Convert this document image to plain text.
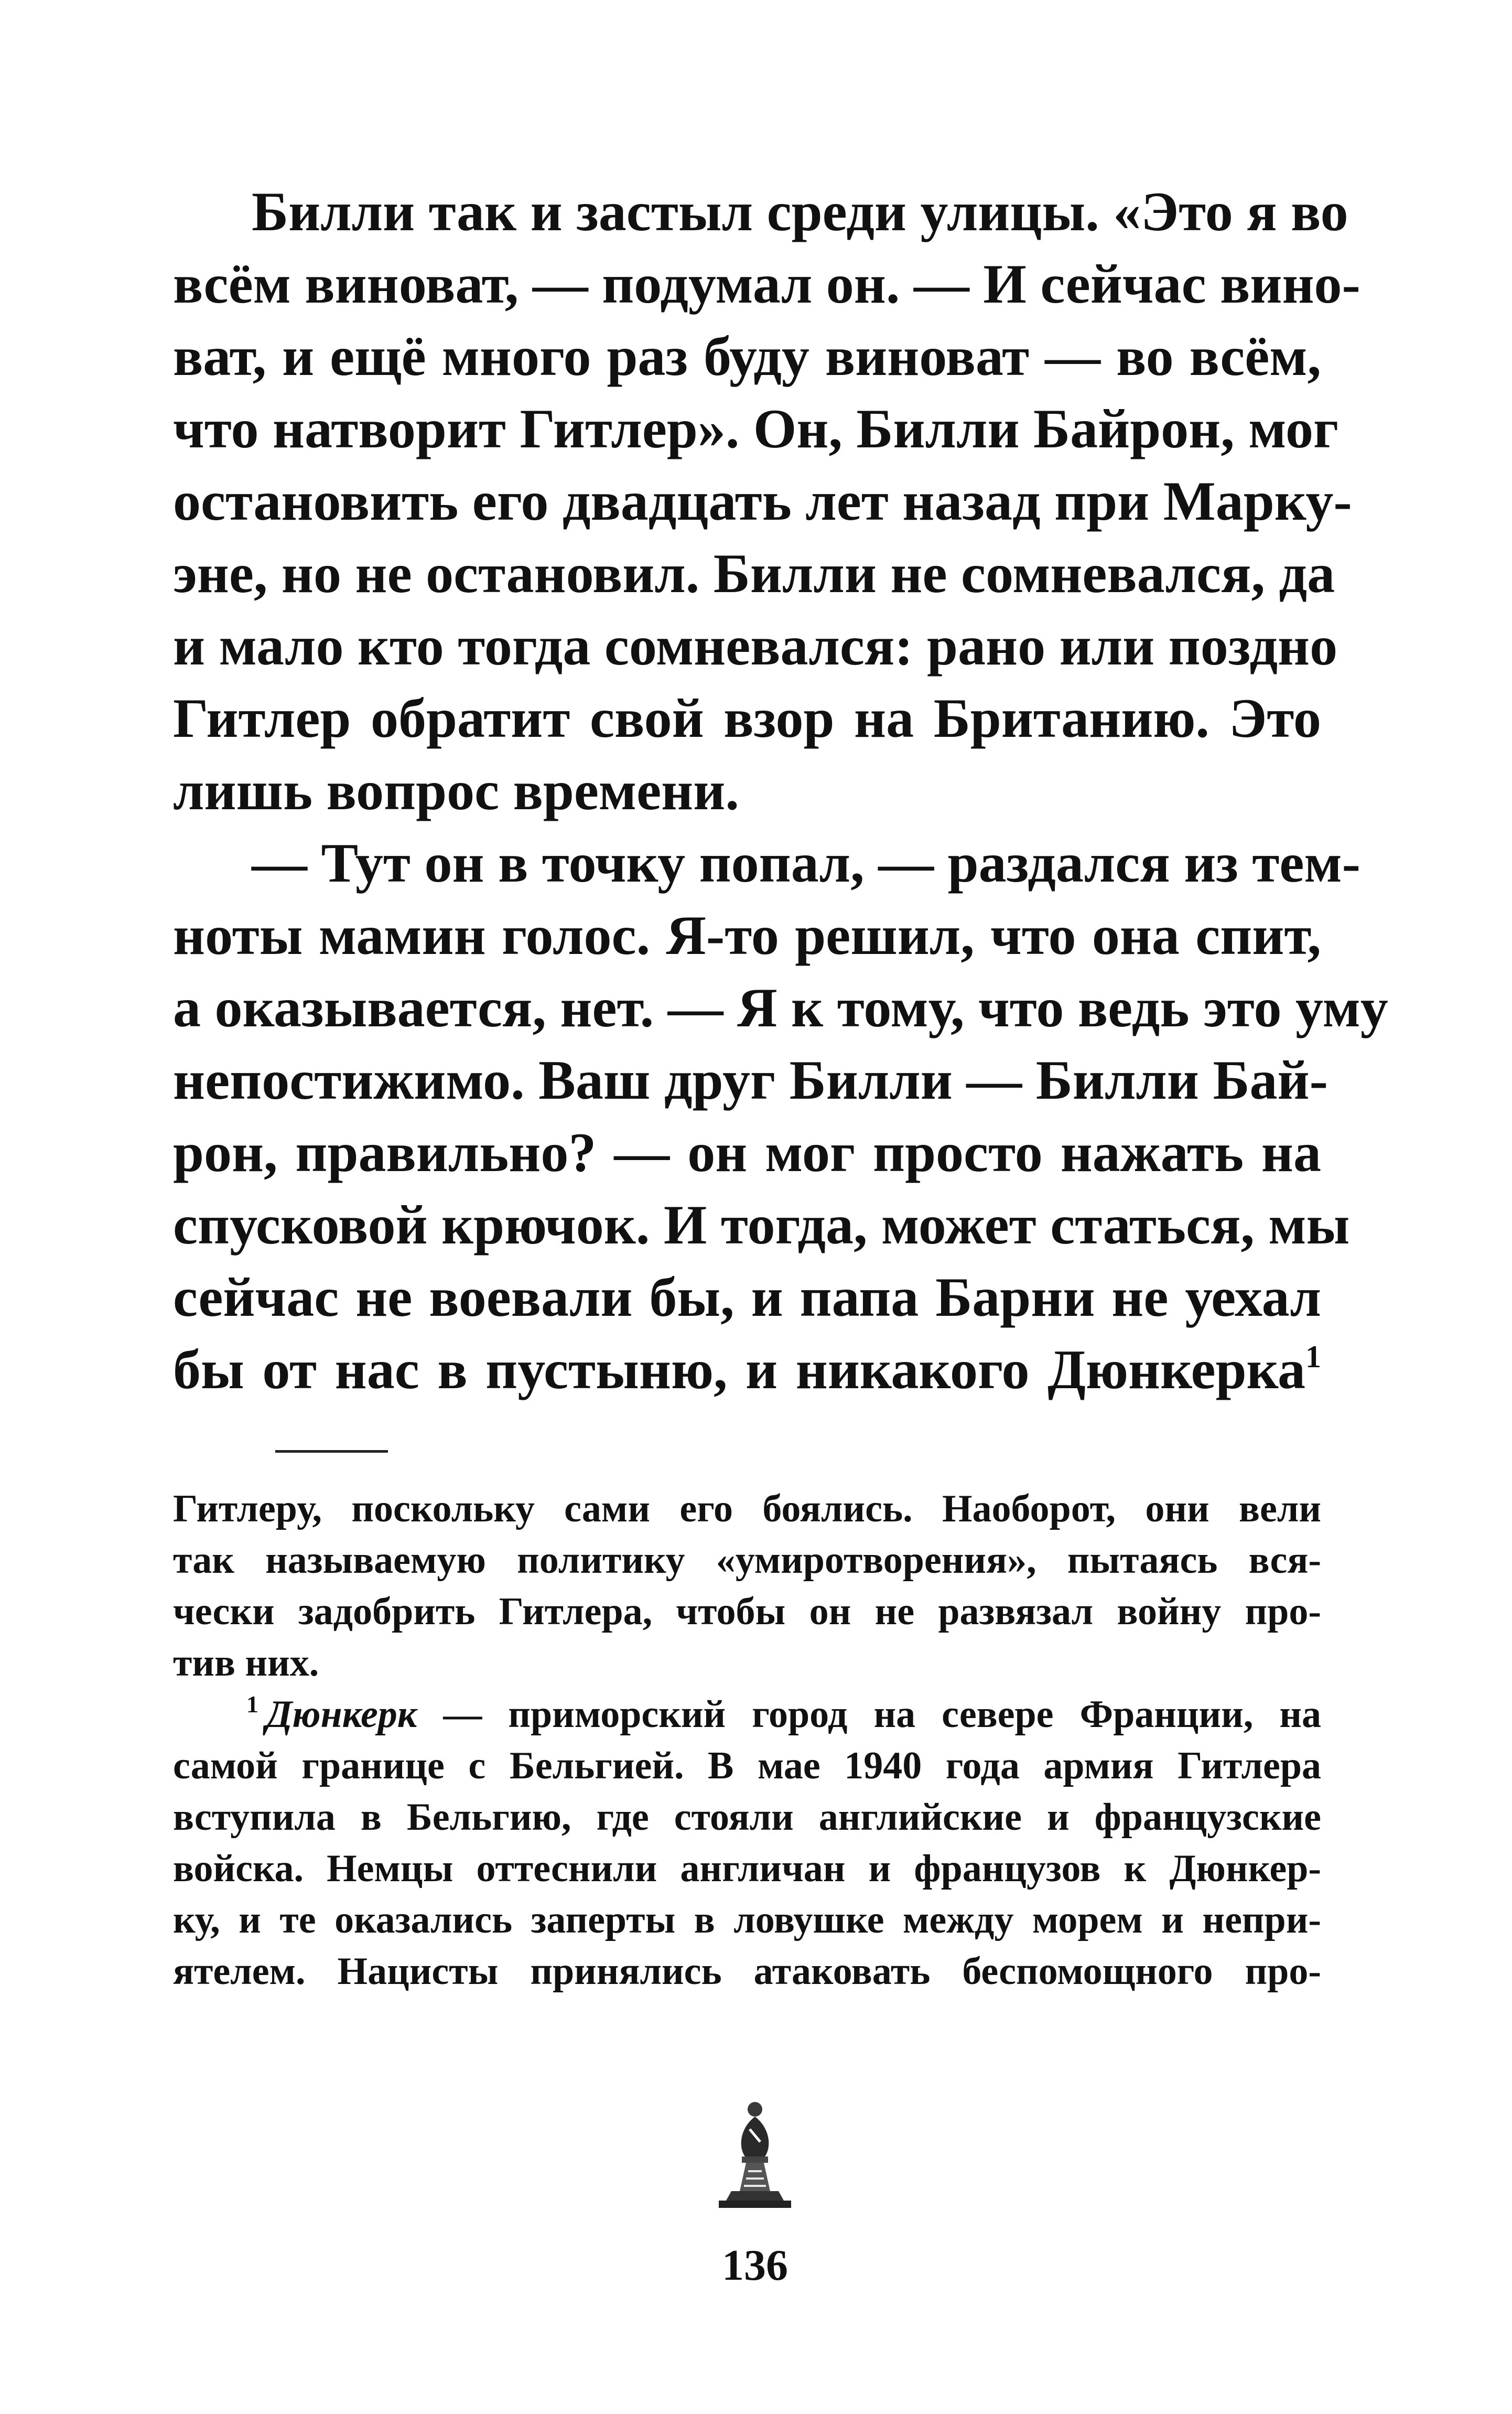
Билли так и застыл среди улицы. «Это я во
всём виноват, — подумал он. — И сейчас вино-
ват, и ещё много раз буду виноват — во всём,
что натворит Гитлер». Он, Билли Байрон, мог
остановить его двадцать лет назад при Марку-
эне, но не остановил. Билли не сомневался, да
и мало кто тогда сомневался: рано или поздно
Гитлер обратит свой взор на Британию. Это
лишь вопрос времени.
— Тут он в точку попал, — раздался из тем-
ноты мамин голос. Я-то решил, что она спит,
а оказывается, нет. — Я к тому, что ведь это уму
непостижимо. Ваш друг Билли — Билли Бай-
рон, правильно? — он мог просто нажать на
спусковой крючок. И тогда, может статься, мы
сейчас не воевали бы, и папа Барни не уехал
бы от нас в пустыню, и никакого Дюнкерка$^1$
Гитлеру, поскольку сами его боялись. Наоборот, они вели
так называемую политику «умиротворения», пытаясь вся-
чески задобрить Гитлера, чтобы он не развязал войну про-
тив них.
$^1$ Дюнкерк — приморский город на севере Франции, на
самой границе с Бельгией. В мае 1940 года армия Гитлера
вступила в Бельгию, где стояли английские и французские
войска. Немцы оттеснили англичан и французов к Дюнкер-
ку, и те оказались заперты в ловушке между морем и непри-
ятелем. Нацисты принялись атаковать беспомощного про-
136
